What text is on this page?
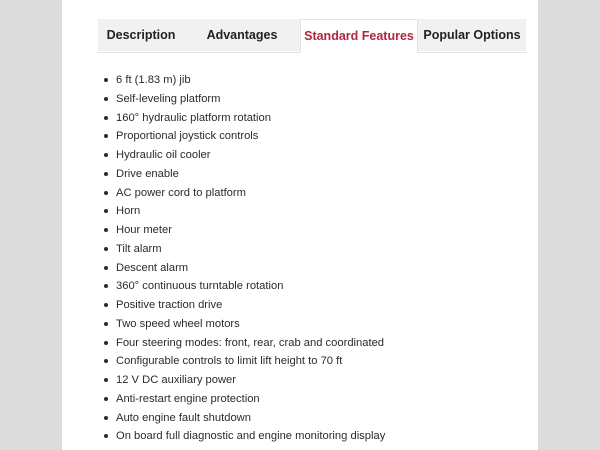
Description	Advantages	Standard Features Popular Options
6 ft (1.83 m) jib
Self-leveling platform
160° hydraulic platform rotation
Proportional joystick controls
Hydraulic oil cooler
Drive enable
AC power cord to platform
Horn
Hour meter
Tilt alarm
Descent alarm
360° continuous turntable rotation
Positive traction drive
Two speed wheel motors
Four steering modes: front, rear, crab and coordinated
Configurable controls to limit lift height to 70 ft
12 V DC auxiliary power
Anti-restart engine protection
Auto engine fault shutdown
On board full diagnostic and engine monitoring display
